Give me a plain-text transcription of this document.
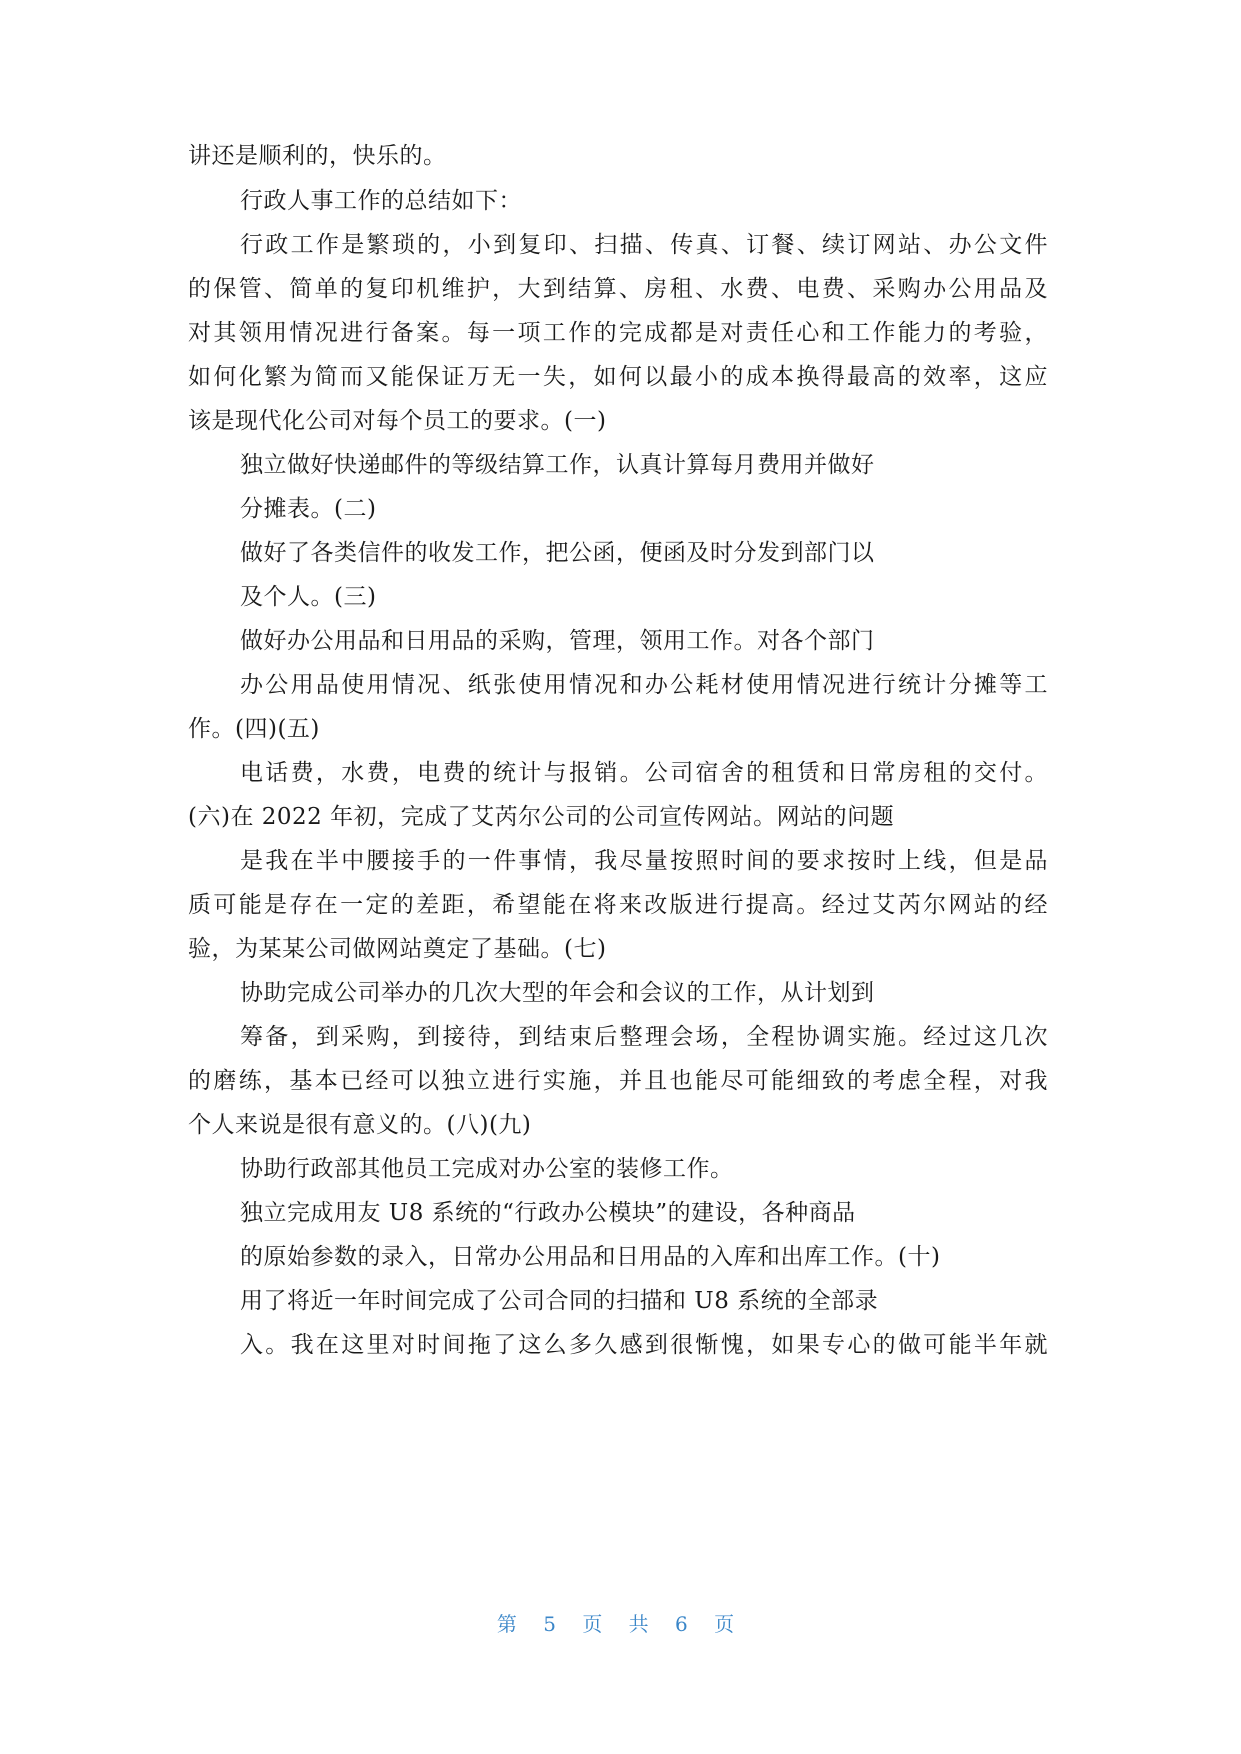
讲还是顺利的，快乐的。
行政人事工作的总结如下：
行政工作是繁琐的，小到复印、扫描、传真、订餐、续订网站、办公文件
的保管、简单的复印机维护，大到结算、房租、水费、电费、采购办公用品及
对其领用情况进行备案。每一项工作的完成都是对责任心和工作能力的考验，
如何化繁为简而又能保证万无一失，如何以最小的成本换得最高的效率，这应
该是现代化公司对每个员工的要求。(一)
独立做好快递邮件的等级结算工作，认真计算每月费用并做好
分摊表。(二)
做好了各类信件的收发工作，把公函，便函及时分发到部门以
及个人。(三)
做好办公用品和日用品的采购，管理，领用工作。对各个部门
办公用品使用情况、纸张使用情况和办公耗材使用情况进行统计分摊等工
作。(四)(五)
电话费，水费，电费的统计与报销。公司宿舍的租赁和日常房租的交付。
(六)在 2022 年初，完成了艾芮尔公司的公司宣传网站。网站的问题
是我在半中腰接手的一件事情，我尽量按照时间的要求按时上线，但是品
质可能是存在一定的差距，希望能在将来改版进行提高。经过艾芮尔网站的经
验，为某某公司做网站奠定了基础。(七)
协助完成公司举办的几次大型的年会和会议的工作，从计划到
筹备，到采购，到接待，到结束后整理会场，全程协调实施。经过这几次
的磨练，基本已经可以独立进行实施，并且也能尽可能细致的考虑全程，对我
个人来说是很有意义的。(八)(九)
协助行政部其他员工完成对办公室的装修工作。
独立完成用友 U8 系统的“行政办公模块”的建设，各种商品
的原始参数的录入，日常办公用品和日用品的入库和出库工作。(十)
用了将近一年时间完成了公司合同的扫描和 U8 系统的全部录
入。我在这里对时间拖了这么多久感到很惭愧，如果专心的做可能半年就
第 5 页 共 6 页
